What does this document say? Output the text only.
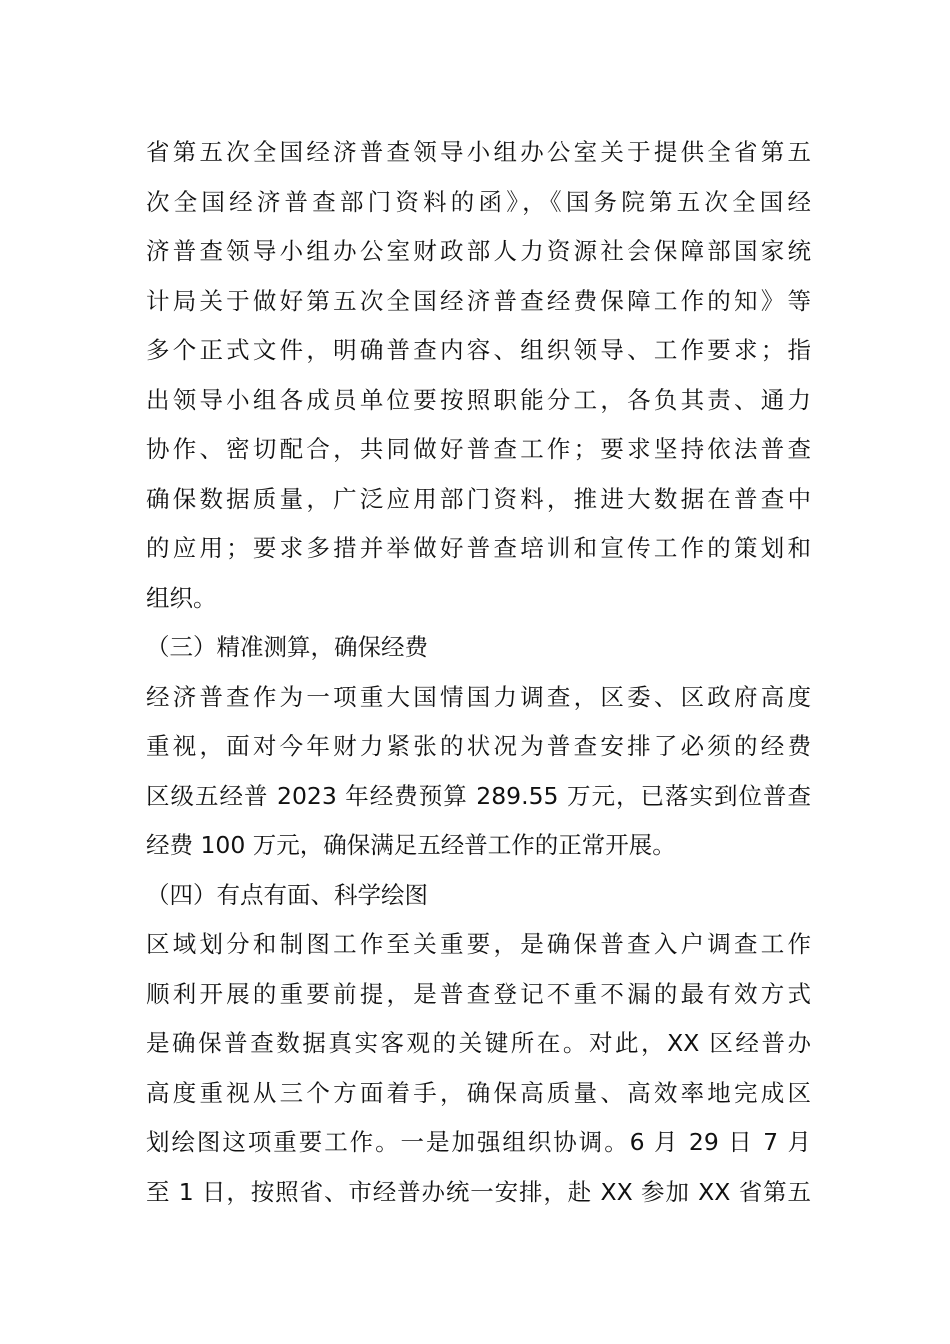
省第五次全国经济普查领导小组办公室关于提供全省第五
次全国经济普查部门资料的函》，《国务院第五次全国经
济普查领导小组办公室财政部人力资源社会保障部国家统
计局关于做好第五次全国经济普查经费保障工作的知》等
多个正式文件，明确普查内容、组织领导、工作要求；指
出领导小组各成员单位要按照职能分工，各负其责、通力
协作、密切配合，共同做好普查工作；要求坚持依法普查
确保数据质量，广泛应用部门资料，推进大数据在普查中
的应用；要求多措并举做好普查培训和宣传工作的策划和
组织。
（三）精准测算，确保经费
经济普查作为一项重大国情国力调查，区委、区政府高度
重视，面对今年财力紧张的状况为普查安排了必须的经费
区级五经普 2023 年经费预算 289.55 万元，已落实到位普查
经费 100 万元，确保满足五经普工作的正常开展。
（四）有点有面、科学绘图
区域划分和制图工作至关重要，是确保普查入户调查工作
顺利开展的重要前提，是普查登记不重不漏的最有效方式
是确保普查数据真实客观的关键所在。对此，XX 区经普办
高度重视从三个方面着手，确保高质量、高效率地完成区
划绘图这项重要工作。一是加强组织协调。6 月 29 日 7 月
至 1 日，按照省、市经普办统一安排，赴 XX 参加 XX 省第五
